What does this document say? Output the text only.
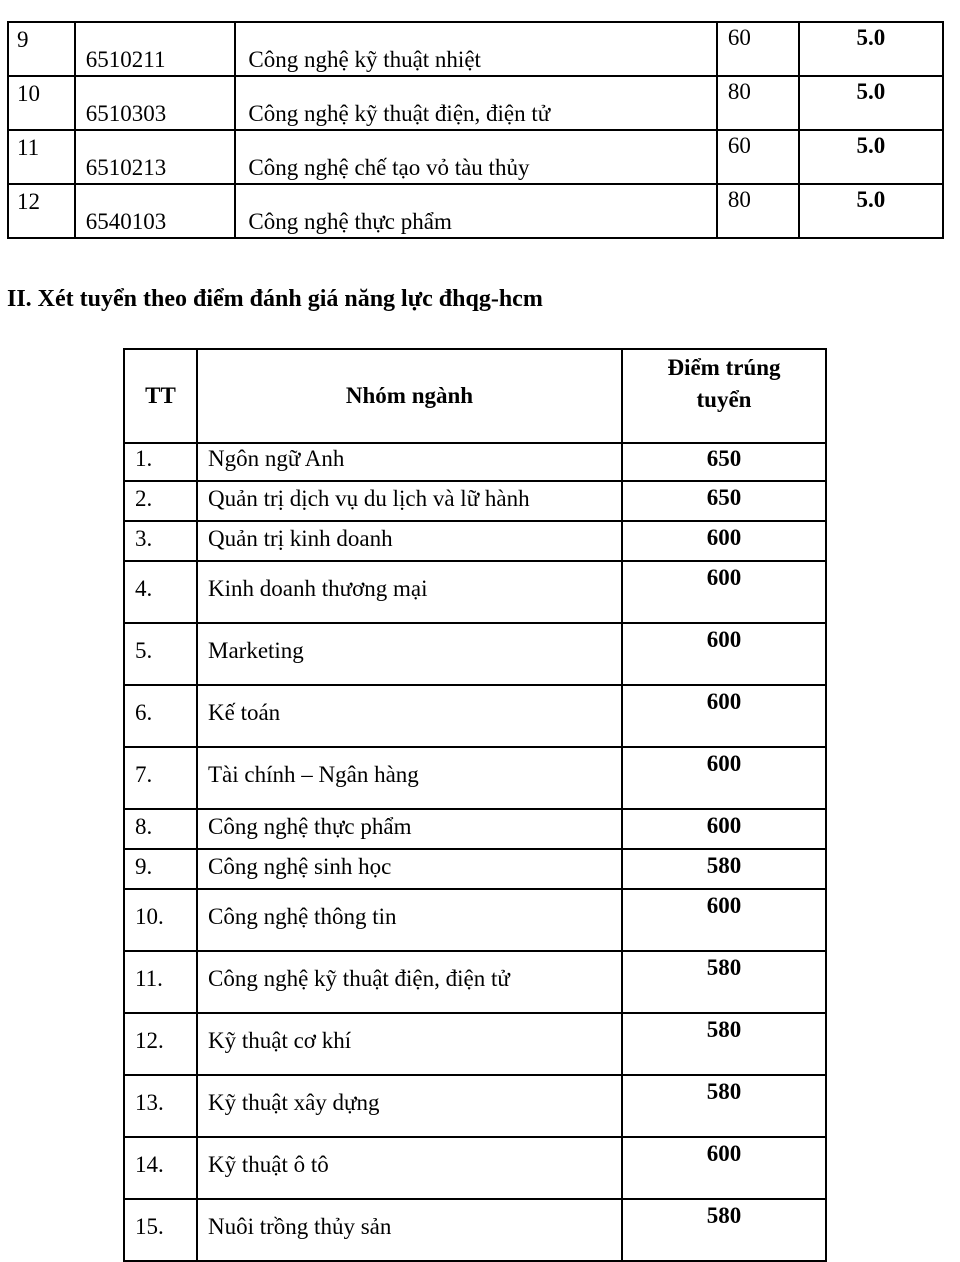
9	6510211	Công nghệ kỹ thuật nhiệt	60	5.0
10	6510303	Công nghệ kỹ thuật điện, điện tử	80	5.0
11	6510213	Công nghệ chế tạo vỏ tàu thủy	60	5.0
12	6540103	Công nghệ thực phẩm	80	5.0
II. Xét tuyển theo điểm đánh giá năng lực đhqg-hcm
TT	Nhóm ngành	Điểm trúng
tuyển
1.	Ngôn ngữ Anh	650
2.	Quản trị dịch vụ du lịch và lữ hành	650
3.	Quản trị kinh doanh	600
4.	Kinh doanh thương mại	600
5.	Marketing	600
6.	Kế toán	600
7.	Tài chính – Ngân hàng	600
8.	Công nghệ thực phẩm	600
9.	Công nghệ sinh học	580
10.	Công nghệ thông tin	600
11.	Công nghệ kỹ thuật điện, điện tử	580
12.	Kỹ thuật cơ khí	580
13.	Kỹ thuật xây dựng	580
14.	Kỹ thuật ô tô	600
15.	Nuôi trồng thủy sản	580
